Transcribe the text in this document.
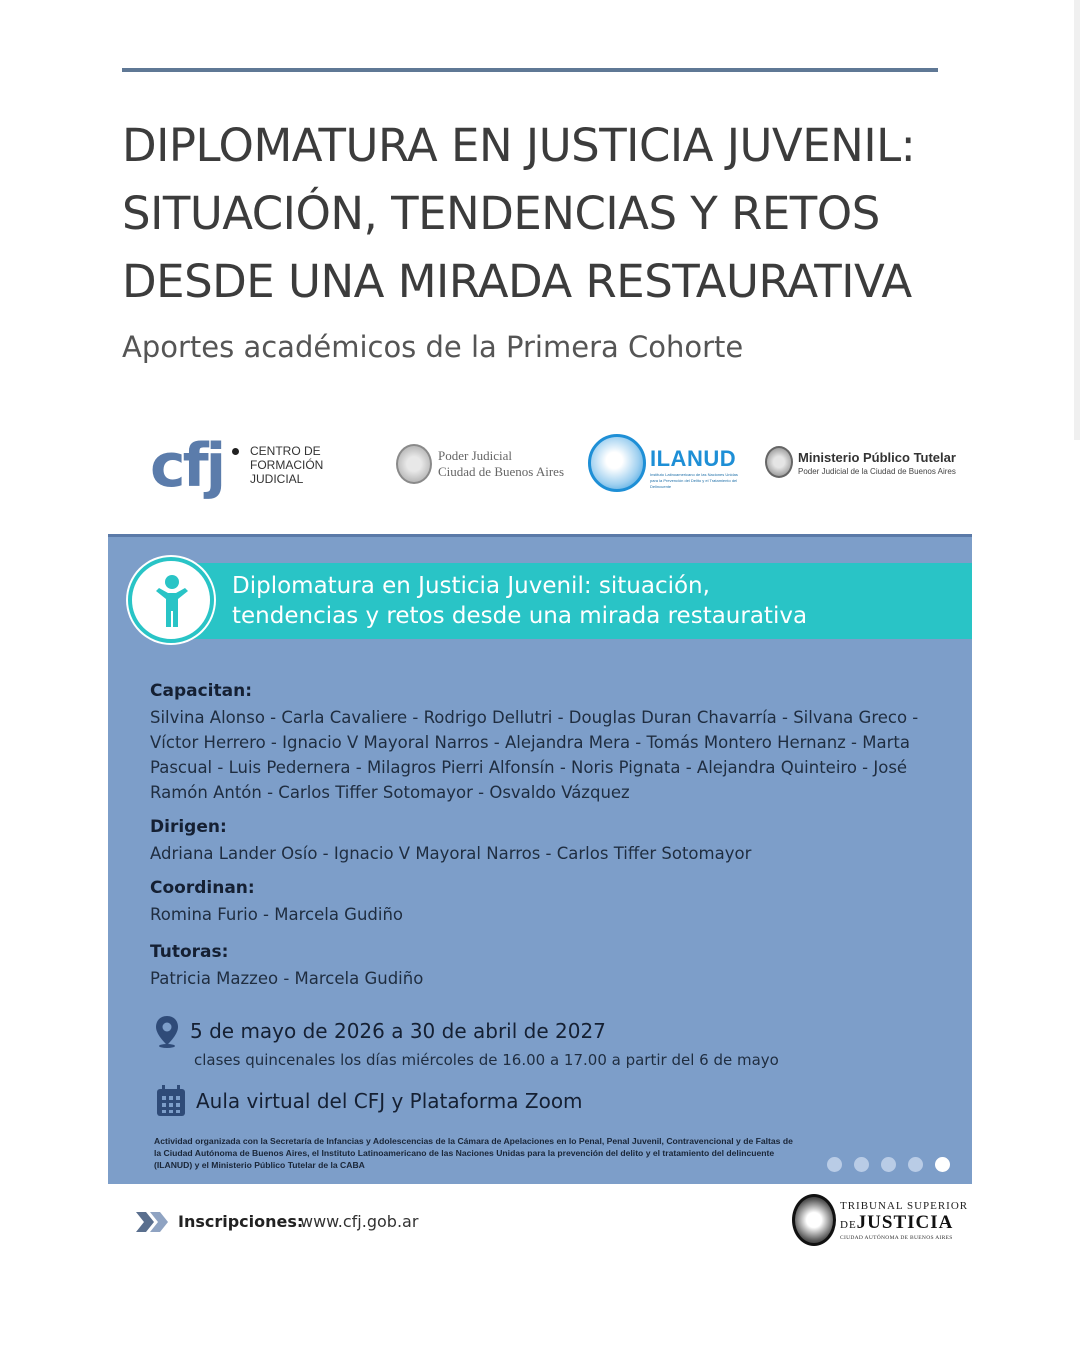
DIPLOMATURA EN JUSTICIA JUVENIL:
SITUACIÓN, TENDENCIAS Y RETOS
DESDE UNA MIRADA RESTAURATIVA
Aportes académicos de la Primera Cohorte
cfj CENTRO DE
FORMACIÓN
JUDICIAL
Poder Judicial
Ciudad de Buenos Aires
ILANUD
Instituto Latinoamericano de las Naciones Unidas para la Prevención del Delito y el Tratamiento del Delincuente
Ministerio Público Tutelar
Poder Judicial de la Ciudad de Buenos Aires
Diplomatura en Justicia Juvenil: situación,
tendencias y retos desde una mirada restaurativa
Capacitan:
Silvina Alonso - Carla Cavaliere - Rodrigo Dellutri - Douglas Duran Chavarría - Silvana Greco - Víctor Herrero - Ignacio V Mayoral Narros - Alejandra Mera - Tomás Montero Hernanz - Marta Pascual - Luis Pedernera - Milagros Pierri Alfonsín - Noris Pignata - Alejandra Quinteiro - José Ramón Antón - Carlos Tiffer Sotomayor - Osvaldo Vázquez
Dirigen:
Adriana Lander Osío - Ignacio V Mayoral Narros - Carlos Tiffer Sotomayor
Coordinan:
Romina Furio - Marcela Gudiño
Tutoras:
Patricia Mazzeo - Marcela Gudiño
5 de mayo de 2026 a 30 de abril de 2027
clases quincenales los días miércoles de 16.00 a 17.00 a partir del 6 de mayo
Aula virtual del CFJ y Plataforma Zoom
Actividad organizada con la Secretaría de Infancias y Adolescencias de la Cámara de Apelaciones en lo Penal, Penal Juvenil, Contravencional y de Faltas de la Ciudad Autónoma de Buenos Aires, el Instituto Latinoamericano de las Naciones Unidas para la prevención del delito y el tratamiento del delincuente (ILANUD) y el Ministerio Público Tutelar de la CABA
Inscripciones:
www.cfj.gob.ar
TRIBUNAL SUPERIOR
DEJUSTICIA
CIUDAD AUTÓNOMA DE BUENOS AIRES
